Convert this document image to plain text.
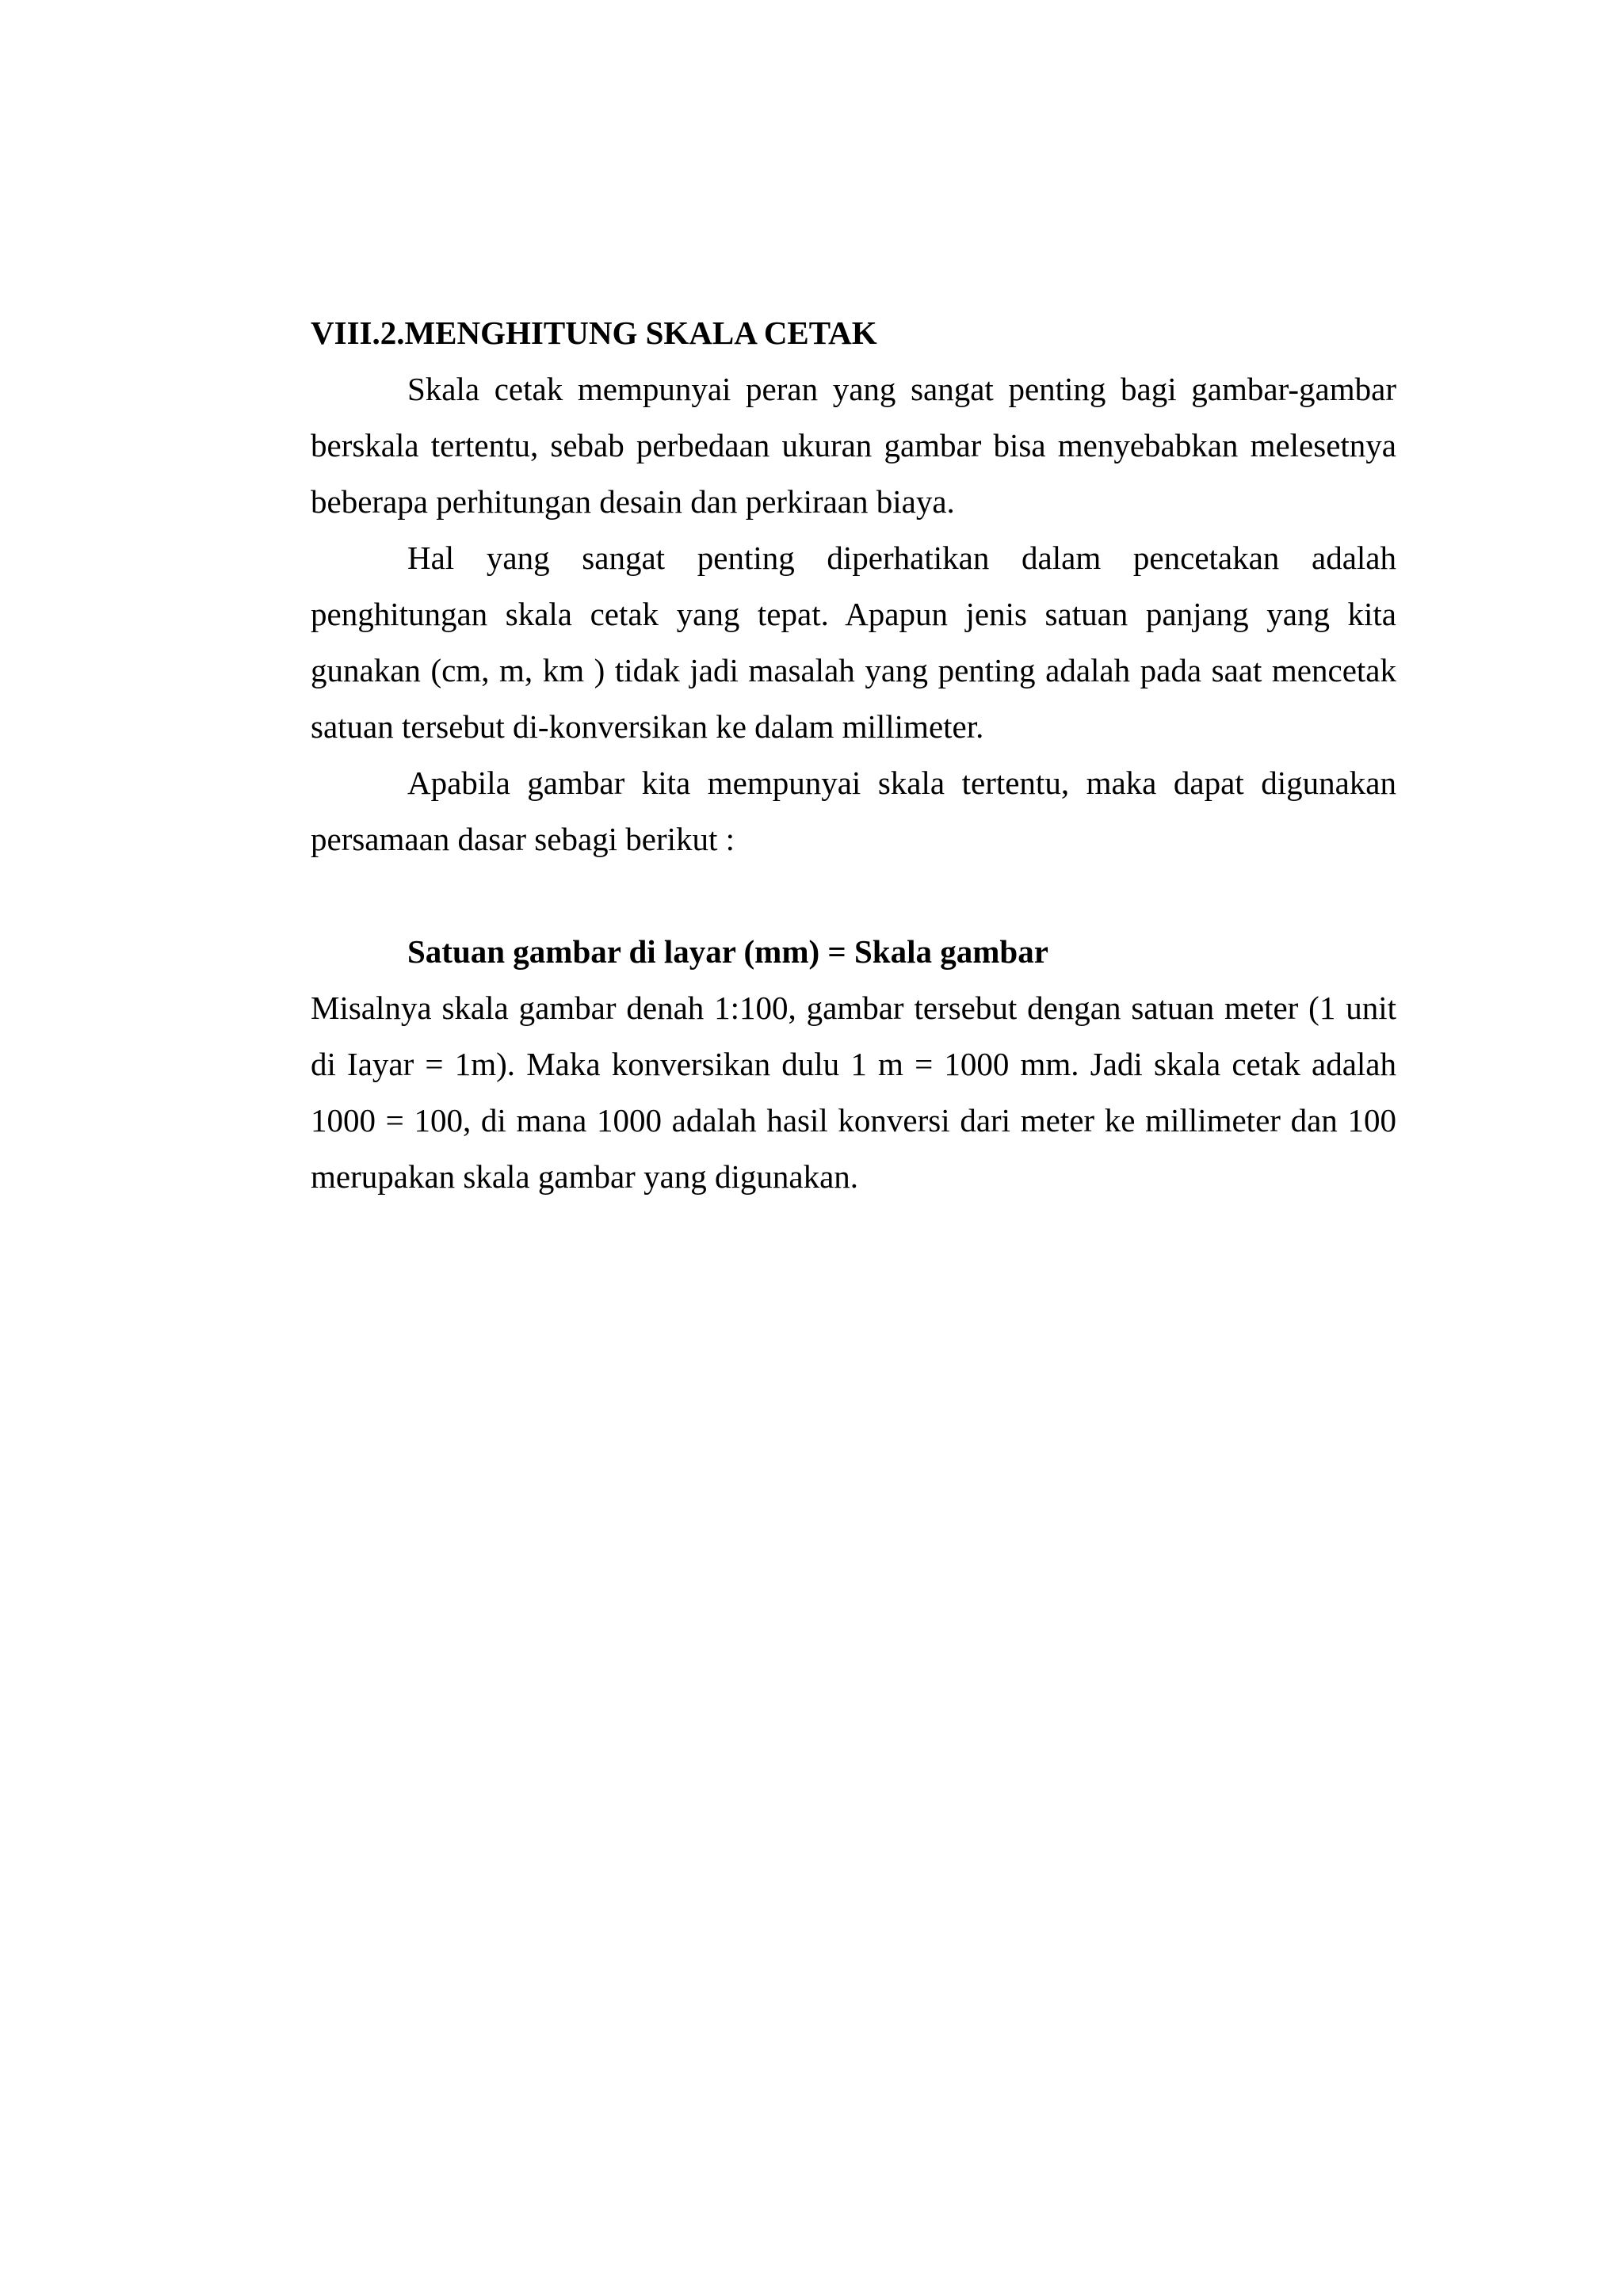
VIII.2. MENGHITUNG SKALA CETAK

Skala cetak mempunyai peran yang sangat penting bagi gambar-gambar berskala tertentu, sebab perbedaan ukuran gambar bisa menyebabkan melesetnya beberapa perhitungan desain dan perkiraan biaya.

Hal yang sangat penting diperhatikan dalam pencetakan adalah penghitungan skala cetak yang tepat. Apapun jenis satuan panjang yang kita gunakan (cm, m, km ) tidak jadi masalah yang penting adalah pada saat mencetak satuan tersebut di-konversikan ke dalam millimeter.

Apabila gambar kita mempunyai skala tertentu, maka dapat digunakan persamaan dasar sebagi berikut :

Satuan gambar di layar (mm) = Skala gambar

Misalnya skala gambar denah 1:100, gambar tersebut dengan satuan meter (1 unit di Iayar = 1m). Maka konversikan dulu 1 m = 1000 mm. Jadi skala cetak adalah 1000 = 100, di mana 1000 adalah hasil konversi dari meter ke millimeter dan 100 merupakan skala gambar yang digunakan.
